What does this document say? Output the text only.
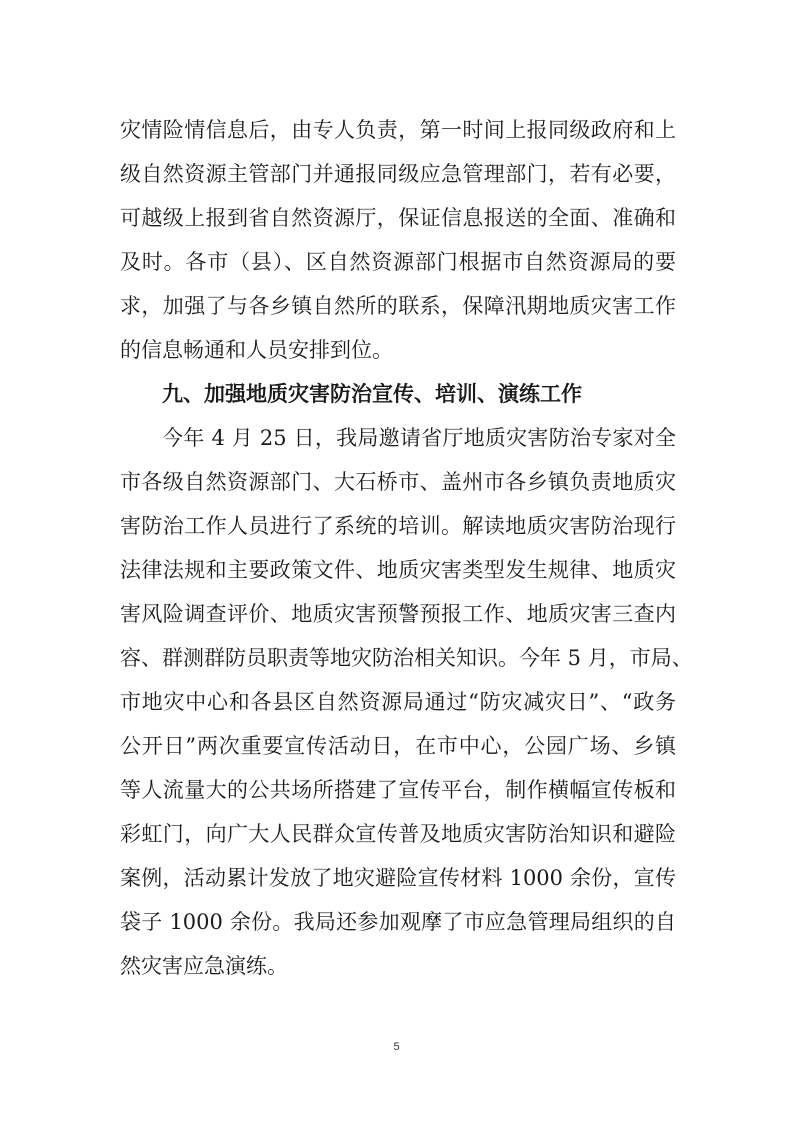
灾情险情信息后，由专人负责，第一时间上报同级政府和上
级自然资源主管部门并通报同级应急管理部门，若有必要，
可越级上报到省自然资源厅，保证信息报送的全面、准确和
及时。各市（县）、区自然资源部门根据市自然资源局的要
求，加强了与各乡镇自然所的联系，保障汛期地质灾害工作
的信息畅通和人员安排到位。
九、加强地质灾害防治宣传、培训、演练工作
今年 4 月 25 日，我局邀请省厅地质灾害防治专家对全
市各级自然资源部门、大石桥市、盖州市各乡镇负责地质灾
害防治工作人员进行了系统的培训。解读地质灾害防治现行
法律法规和主要政策文件、地质灾害类型发生规律、地质灾
害风险调查评价、地质灾害预警预报工作、地质灾害三查内
容、群测群防员职责等地灾防治相关知识。今年 5 月，市局、
市地灾中心和各县区自然资源局通过“防灾减灾日”、“政务
公开日”两次重要宣传活动日，在市中心，公园广场、乡镇
等人流量大的公共场所搭建了宣传平台，制作横幅宣传板和
彩虹门，向广大人民群众宣传普及地质灾害防治知识和避险
案例，活动累计发放了地灾避险宣传材料 1000 余份，宣传
袋子 1000 余份。我局还参加观摩了市应急管理局组织的自
然灾害应急演练。
5
